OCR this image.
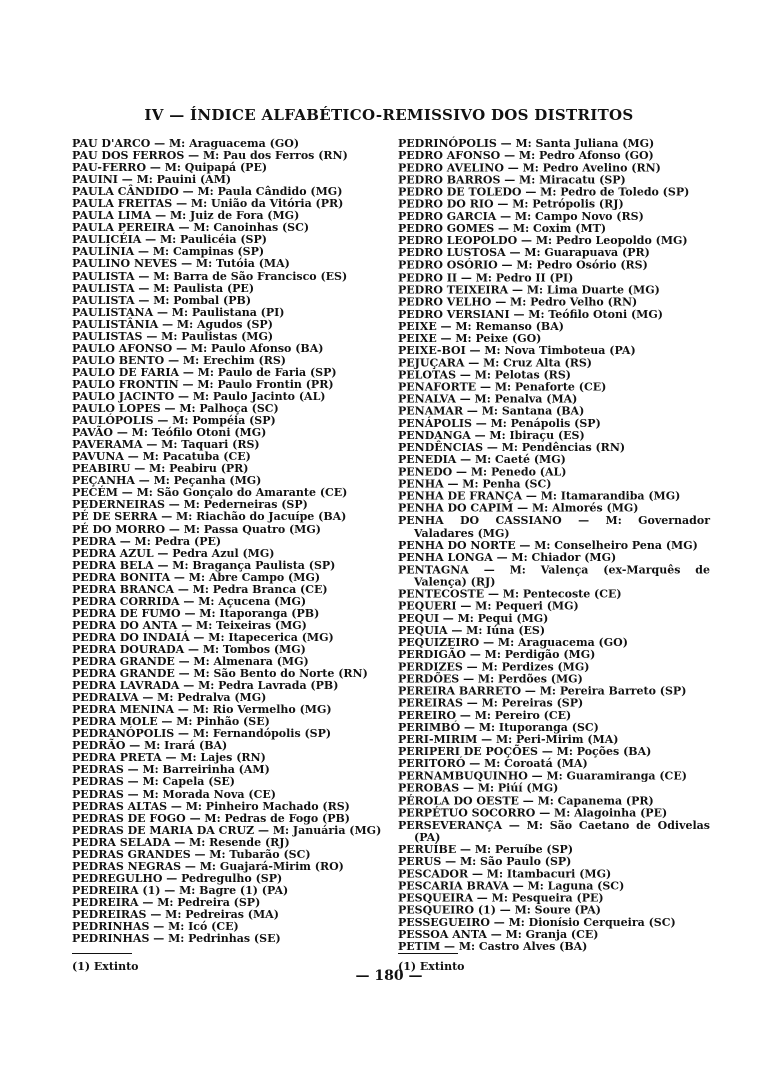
IV — ÍNDICE ALFABÉTICO-REMISSIVO DOS DISTRITOS
PAU D'ARCO — M: Araguacema (GO)
PAU DOS FERROS — M: Pau dos Ferros (RN)
PAU-FERRO — M: Quipapá (PE)
PAUINI — M: Pauini (AM)
PAULA CÂNDIDO — M: Paula Cândido (MG)
PAULA FREITAS — M: União da Vitória (PR)
PAULA LIMA — M: Juiz de Fora (MG)
PAULA PEREIRA — M: Canoinhas (SC)
PAULICÉIA — M: Paulicéia (SP)
PAULÍNIA — M: Campinas (SP)
PAULINO NEVES — M: Tutóia (MA)
PAULISTA — M: Barra de São Francisco (ES)
PAULISTA — M: Paulista (PE)
PAULISTA — M: Pombal (PB)
PAULISTANA — M: Paulistana (PI)
PAULISTÂNIA — M: Agudos (SP)
PAULISTAS — M: Paulistas (MG)
PAULO AFONSO — M: Paulo Afonso (BA)
PAULO BENTO — M: Erechim (RS)
PAULO DE FARIA — M: Paulo de Faria (SP)
PAULO FRONTIN — M: Paulo Frontin (PR)
PAULO JACINTO — M: Paulo Jacinto (AL)
PAULO LOPES — M: Palhoça (SC)
PAULÓPOLIS — M: Pompéia (SP)
PAVÃO — M: Teófilo Otoni (MG)
PAVERAMA — M: Taquari (RS)
PAVUNA — M: Pacatuba (CE)
PEABIRU — M: Peabiru (PR)
PEÇANHA — M: Peçanha (MG)
PECÉM — M: São Gonçalo do Amarante (CE)
PEDERNEIRAS — M: Pederneiras (SP)
PÉ DE SERRA — M: Riachão do Jacuípe (BA)
PÉ DO MORRO — M: Passa Quatro (MG)
PEDRA — M: Pedra (PE)
PEDRA AZUL — Pedra Azul (MG)
PEDRA BELA — M: Bragança Paulista (SP)
PEDRA BONITA — M: Abre Campo (MG)
PEDRA BRANCA — M: Pedra Branca (CE)
PEDRA CORRIDA — M: Açucena (MG)
PEDRA DE FUMO — M: Itaporanga (PB)
PEDRA DO ANTA — M: Teixeiras (MG)
PEDRA DO INDAIÁ — M: Itapecerica (MG)
PEDRA DOURADA — M: Tombos (MG)
PEDRA GRANDE — M: Almenara (MG)
PEDRA GRANDE — M: São Bento do Norte (RN)
PEDRA LAVRADA — M: Pedra Lavrada (PB)
PEDRALVA — M: Pedralva (MG)
PEDRA MENINA — M: Rio Vermelho (MG)
PEDRA MOLE — M: Pinhão (SE)
PEDRANÓPOLIS — M: Fernandópolis (SP)
PEDRÃO — M: Irará (BA)
PEDRA PRETA — M: Lajes (RN)
PEDRAS — M: Barreirinha (AM)
PEDRAS — M: Capela (SE)
PEDRAS — M: Morada Nova (CE)
PEDRAS ALTAS — M: Pinheiro Machado (RS)
PEDRAS DE FOGO — M: Pedras de Fogo (PB)
PEDRAS DE MARIA DA CRUZ — M: Januária (MG)
PEDRA SELADA — M: Resende (RJ)
PEDRAS GRANDES — M: Tubarão (SC)
PEDRAS NEGRAS — M: Guajará-Mirim (RO)
PEDREGULHO — Pedregulho (SP)
PEDREIRA (1) — M: Bagre (1) (PA)
PEDREIRA — M: Pedreira (SP)
PEDREIRAS — M: Pedreiras (MA)
PEDRINHAS — M: Icó (CE)
PEDRINHAS — M: Pedrinhas (SE)
(1) Extinto
PEDRINÓPOLIS — M: Santa Juliana (MG)
PEDRO AFONSO — M: Pedro Afonso (GO)
PEDRO AVELINO — M: Pedro Avelino (RN)
PEDRO BARROS — M: Miracatu (SP)
PEDRO DE TOLEDO — M: Pedro de Toledo (SP)
PEDRO DO RIO — M: Petrópolis (RJ)
PEDRO GARCIA — M: Campo Novo (RS)
PEDRO GOMES — M: Coxim (MT)
PEDRO LEOPOLDO — M: Pedro Leopoldo (MG)
PEDRO LUSTOSA — M: Guarapuava (PR)
PEDRO OSÓRIO — M: Pedro Osório (RS)
PEDRO II — M: Pedro II (PI)
PEDRO TEIXEIRA — M: Lima Duarte (MG)
PEDRO VELHO — M: Pedro Velho (RN)
PEDRO VERSIANI — M: Teófilo Otoni (MG)
PEIXE — M: Remanso (BA)
PEIXE — M: Peixe (GO)
PEIXE-BOI — M: Nova Timboteua (PA)
PEJUÇARA — M: Cruz Alta (RS)
PELOTAS — M: Pelotas (RS)
PENAFORTE — M: Penaforte (CE)
PENALVA — M: Penalva (MA)
PENAMAR — M: Santana (BA)
PENÁPOLIS — M: Penápolis (SP)
PENDANGA — M: Ibiraçu (ES)
PENDÊNCIAS — M: Pendências (RN)
PENEDIA — M: Caeté (MG)
PENEDO — M: Penedo (AL)
PENHA — M: Penha (SC)
PENHA DE FRANÇA — M: Itamarandiba (MG)
PENHA DO CAPIM — M: Almorés (MG)
PENHA DO CASSIANO — M: Governador Valadares (MG)
PENHA DO NORTE — M: Conselheiro Pena (MG)
PENHA LONGA — M: Chiador (MG)
PENTAGNA — M: Valença (ex-Marquês de Valença) (RJ)
PENTECOSTE — M: Pentecoste (CE)
PEQUERI — M: Pequeri (MG)
PEQUI — M: Pequi (MG)
PEQUIA — M: Iúna (ES)
PEQUIZEIRO — M: Araguacema (GO)
PERDIGÃO — M: Perdigão (MG)
PERDIZES — M: Perdizes (MG)
PERDÕES — M: Perdões (MG)
PEREIRA BARRETO — M: Pereira Barreto (SP)
PEREIRAS — M: Pereiras (SP)
PEREIRO — M: Pereiro (CE)
PERIMBÓ — M: Ituporanga (SC)
PERI-MIRIM — M: Peri-Mirim (MA)
PERIPERI DE POÇÕES — M: Poções (BA)
PERITORÓ — M: Coroatá (MA)
PERNAMBUQUINHO — M: Guaramiranga (CE)
PEROBAS — M: Piúí (MG)
PÉROLA DO OESTE — M: Capanema (PR)
PERPÉTUO SOCORRO — M: Alagoinha (PE)
PERSEVERANÇA — M: São Caetano de Odivelas (PA)
PERUÍBE — M: Peruíbe (SP)
PERUS — M: São Paulo (SP)
PESCADOR — M: Itambacuri (MG)
PESCARIA BRAVA — M: Laguna (SC)
PESQUEIRA — M: Pesqueira (PE)
PESQUEIRO (1) — M: Soure (PA)
PESSEGUEIRO — M: Dionísio Cerqueira (SC)
PESSOA ANTA — M: Granja (CE)
PETIM — M: Castro Alves (BA)
(1) Extinto
— 180 —
